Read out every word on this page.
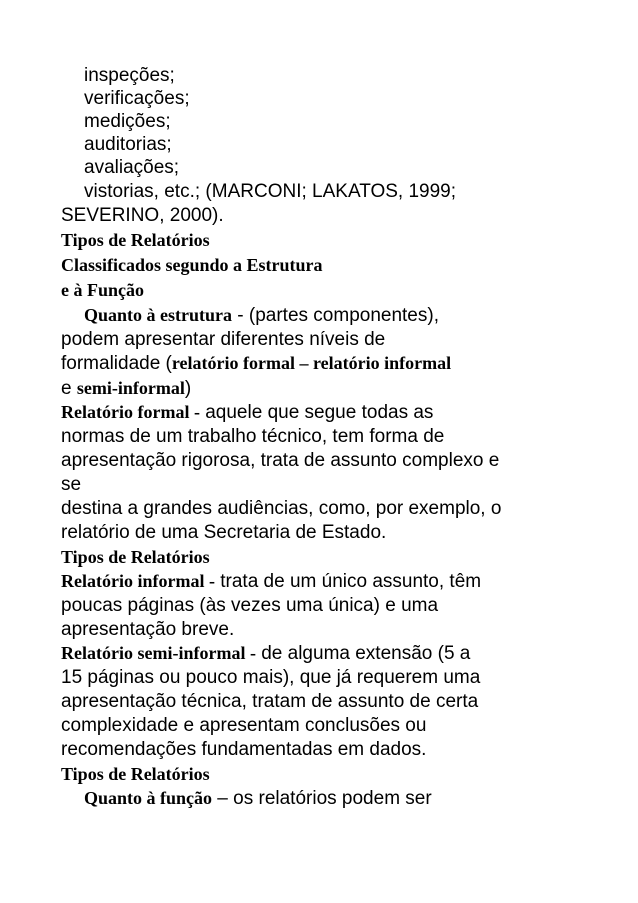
inspeções;
verificações;
medições;
auditorias;
avaliações;
vistorias, etc.; (MARCONI; LAKATOS, 1999;
SEVERINO, 2000).
Tipos de Relatórios
Classificados segundo a Estrutura
e à Função
Quanto à estrutura - (partes componentes),
podem apresentar diferentes níveis de
formalidade (relatório formal – relatório informal
e semi-informal)
Relatório formal - aquele que segue todas as
normas de um trabalho técnico, tem forma de
apresentação rigorosa, trata de assunto complexo e
se
destina a grandes audiências, como, por exemplo, o
relatório de uma Secretaria de Estado.
Tipos de Relatórios
Relatório informal - trata de um único assunto, têm
poucas páginas (às vezes uma única) e uma
apresentação breve.
Relatório semi-informal - de alguma extensão (5 a
15 páginas ou pouco mais), que já requerem uma
apresentação técnica, tratam de assunto de certa
complexidade e apresentam conclusões ou
recomendações fundamentadas em dados.
Tipos de Relatórios
Quanto à função – os relatórios podem ser
